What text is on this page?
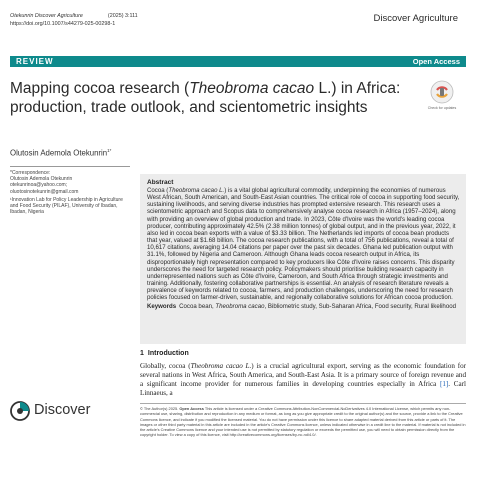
Otekunrin Discover Agriculture	(2025) 3:111
https://doi.org/10.1007/s44279-025-00298-1	Discover Agriculture
REVIEW	Open Access
Mapping cocoa research (Theobroma cacao L.) in Africa: production, trade outlook, and scientometric insights	Check for updates
Olutosin Ademola Otekunrin$^{1*}$

*Correspondence:
Olutosin Ademola Otekunrin
otekunrinoa@yahoo.com;
oluotosinotekunrin@gmail.com

¹Innovation Lab for Policy Leadership in Agriculture and Food Security (PILAF), University of Ibadan, Ibadan, Nigeria

Abstract
Cocoa (Theobroma cacao L.) is a vital global agricultural commodity, underpinning the economies of numerous West African, South American, and South-East Asian countries. The critical role of cocoa in supporting food security, sustaining livelihoods, and serving diverse industries has prompted extensive research. This research uses a scientometric approach and Scopus data to comprehensively analyse cocoa research in Africa (1957–2024), along with providing an overview of global production and trade. In 2023, Côte d'Ivoire was the world's leading cocoa producer, contributing approximately 42.5% (2.38 million tonnes) of global output, and in the previous year, 2022, it also led in cocoa bean exports with a value of $3.33 billion. The Netherlands led imports of cocoa bean products that year, valued at $1.68 billion. The cocoa research publications, with a total of 756 publications, reveal a total of 10,617 citations, averaging 14.04 citations per paper over the past six decades. Ghana led publication output with 31.1%, followed by Nigeria and Cameroon. Although Ghana leads cocoa research output in Africa, its disproportionately high representation compared to key producers like Côte d'Ivoire raises concerns. This disparity underscores the need for targeted research policy. Policymakers should prioritise building research capacity in underrepresented nations such as Côte d'Ivoire, Cameroon, and South Africa through strategic investments and training. Additionally, fostering collaborative partnerships is essential. An analysis of research literature reveals a prevalence of keywords related to cocoa, farmers, and production challenges, underscoring the need for research policies focused on farmer-driven, sustainable, and regionally collaborative solutions for African cocoa production.
Keywords Cocoa bean, Theobroma cacao, Bibliometric study, Sub-Saharan Africa, Food security, Rural likelihood
1 Introduction
Globally, cocoa (Theobroma cacao L.) is a crucial agricultural export, serving as the economic foundation for several nations in West Africa, South America, and South-East Asia. It is a primary source of foreign revenue and a significant income provider for numerous families in developing countries especially in Africa [1]. Carl Linnaeus, a
Discover	© The Author(s) 2025. Open Access This article is licensed under a Creative Commons Attribution-NonCommercial-NoDerivatives 4.0 International License, which permits any non-commercial use, sharing, distribution and reproduction in any medium or format, as long as you give appropriate credit to the original author(s) and the source, provide a link to the Creative Commons licence, and indicate if you modified the licensed material. You do not have permission under this licence to share adapted material derived from this article or parts of it. The images or other third party material in this article are included in the article's Creative Commons licence, unless indicated otherwise in a credit line to the material. If material is not included in the article's Creative Commons licence and your intended use is not permitted by statutory regulation or exceeds the permitted use, you will need to obtain permission directly from the copyright holder. To view a copy of this licence, visit http://creativecommons.org/licenses/by-nc-nd/4.0/.
